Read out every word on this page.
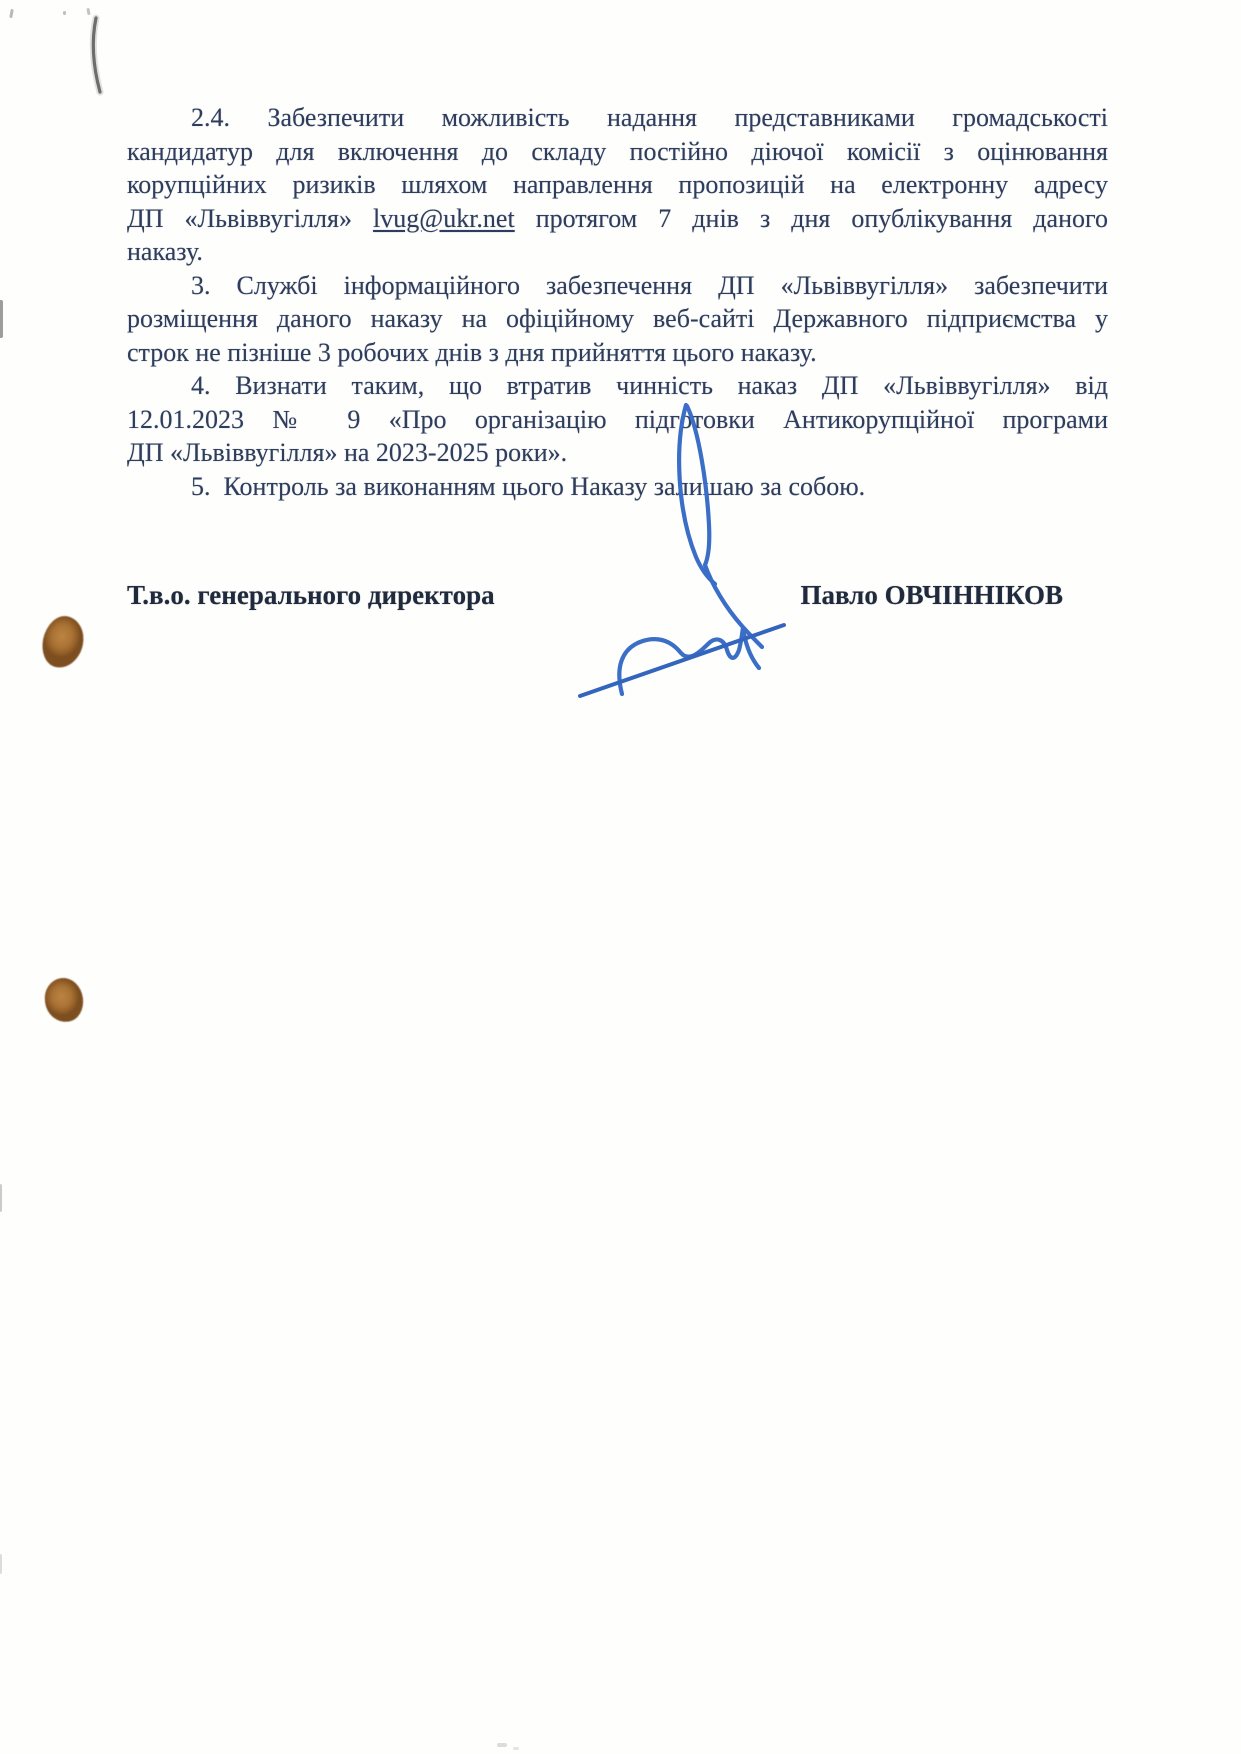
2.4. Забезпечити можливість надання представниками громадськості
кандидатур для включення до складу постійно діючої комісії з оцінювання
корупційних ризиків шляхом направлення пропозицій на електронну адресу
ДП «Львіввугілля» lvug@ukr.net протягом 7 днів з дня опублікування даного
наказу.
3. Службі інформаційного забезпечення ДП «Львіввугілля» забезпечити
розміщення даного наказу на офіційному веб-сайті Державного підприємства у
строк не пізніше 3 робочих днів з дня прийняття цього наказу.
4. Визнати таким, що втратив чинність наказ ДП «Львіввугілля» від
12.01.2023 № 9 «Про організацію підготовки Антикорупційної програми
ДП «Львіввугілля» на 2023-2025 роки».
5.  Контроль за виконанням цього Наказу залишаю за собою.
Т.в.о. генерального директора	Павло ОВЧІННІКОВ
